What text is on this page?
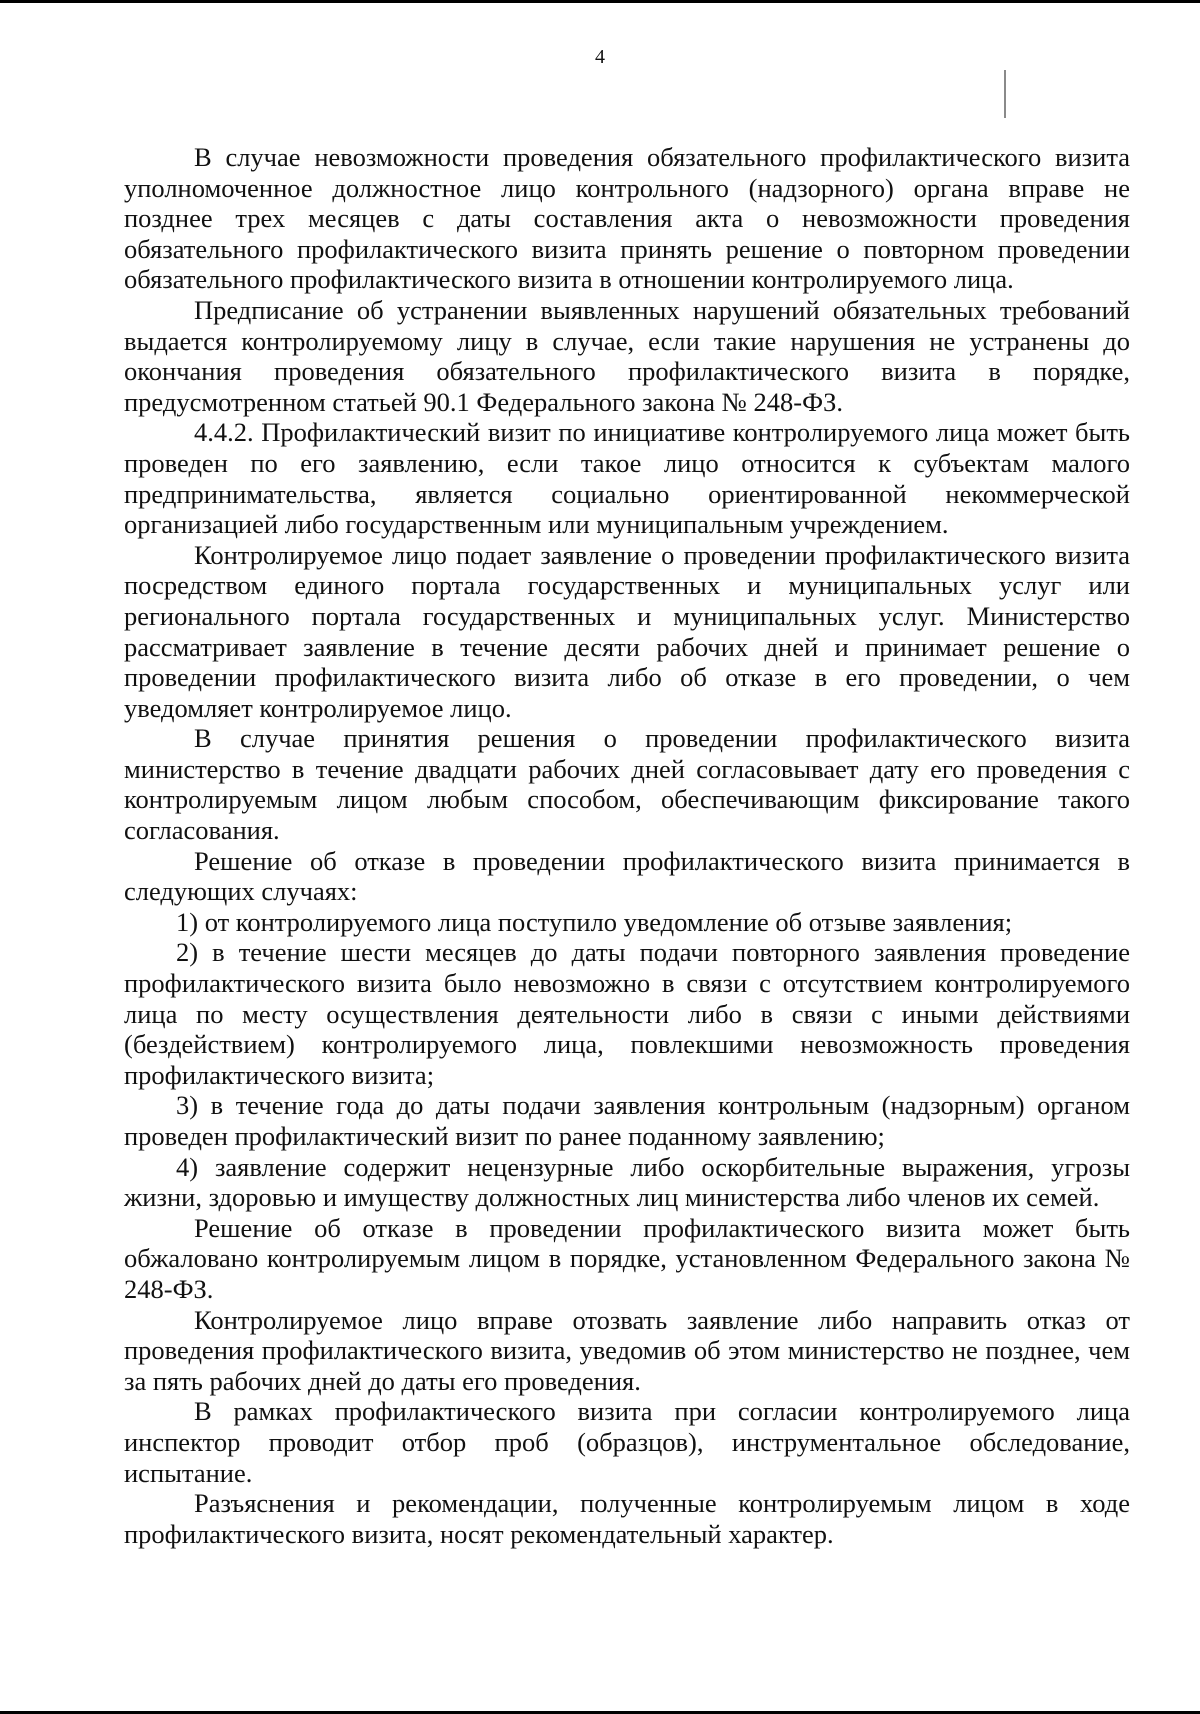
4

В случае невозможности проведения обязательного профилактического визита уполномоченное должностное лицо контрольного (надзорного) органа вправе не позднее трех месяцев с даты составления акта о невозможности проведения обязательного профилактического визита принять решение о повторном проведении обязательного профилактического визита в отношении контролируемого лица.

Предписание об устранении выявленных нарушений обязательных требований выдается контролируемому лицу в случае, если такие нарушения не устранены до окончания проведения обязательного профилактического визита в порядке, предусмотренном статьей 90.1 Федерального закона № 248-ФЗ.

4.4.2. Профилактический визит по инициативе контролируемого лица может быть проведен по его заявлению, если такое лицо относится к субъектам малого предпринимательства, является социально ориентированной некоммерческой организацией либо государственным или муниципальным учреждением.

Контролируемое лицо подает заявление о проведении профилактического визита посредством единого портала государственных и муниципальных услуг или регионального портала государственных и муниципальных услуг. Министерство рассматривает заявление в течение десяти рабочих дней и принимает решение о проведении профилактического визита либо об отказе в его проведении, о чем уведомляет контролируемое лицо.

В случае принятия решения о проведении профилактического визита министерство в течение двадцати рабочих дней согласовывает дату его проведения с контролируемым лицом любым способом, обеспечивающим фиксирование такого согласования.

Решение об отказе в проведении профилактического визита принимается в следующих случаях:

1) от контролируемого лица поступило уведомление об отзыве заявления;

2) в течение шести месяцев до даты подачи повторного заявления проведение профилактического визита было невозможно в связи с отсутствием контролируемого лица по месту осуществления деятельности либо в связи с иными действиями (бездействием) контролируемого лица, повлекшими невозможность проведения профилактического визита;

3) в течение года до даты подачи заявления контрольным (надзорным) органом проведен профилактический визит по ранее поданному заявлению;

4) заявление содержит нецензурные либо оскорбительные выражения, угрозы жизни, здоровью и имуществу должностных лиц министерства либо членов их семей.

Решение об отказе в проведении профилактического визита может быть обжаловано контролируемым лицом в порядке, установленном Федерального закона № 248-ФЗ.

Контролируемое лицо вправе отозвать заявление либо направить отказ от проведения профилактического визита, уведомив об этом министерство не позднее, чем за пять рабочих дней до даты его проведения.

В рамках профилактического визита при согласии контролируемого лица инспектор проводит отбор проб (образцов), инструментальное обследование, испытание.

Разъяснения и рекомендации, полученные контролируемым лицом в ходе профилактического визита, носят рекомендательный характер.
